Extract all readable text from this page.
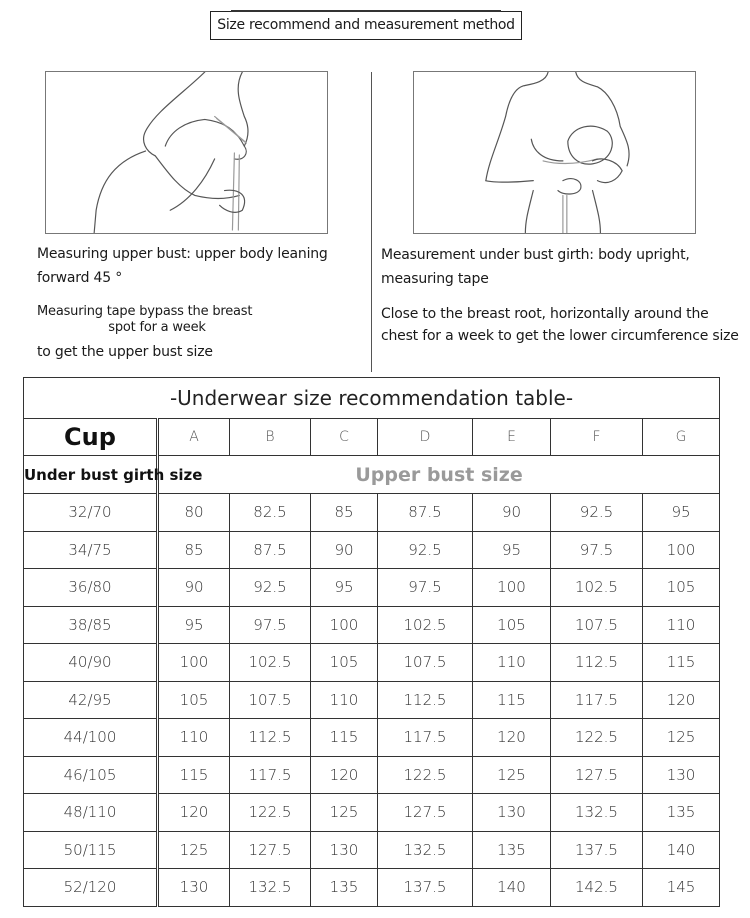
Size recommend and measurement method
Measuring upper bust: upper body leaning forward 45 °
Measuring tape bypass the breast
spot for a week
to get the upper bust size
Measurement under bust girth: body upright, measuring tape
Close to the breast root, horizontally around the chest for a week to get the lower circumference size
-Underwear size recommendation table-							
Cup	A	B	C	D	E	F	G
Under bust girth size	Upper bust size						
32/70	80	82.5	85	87.5	90	92.5	95
34/75	85	87.5	90	92.5	95	97.5	100
36/80	90	92.5	95	97.5	100	102.5	105
38/85	95	97.5	100	102.5	105	107.5	110
40/90	100	102.5	105	107.5	110	112.5	115
42/95	105	107.5	110	112.5	115	117.5	120
44/100	110	112.5	115	117.5	120	122.5	125
46/105	115	117.5	120	122.5	125	127.5	130
48/110	120	122.5	125	127.5	130	132.5	135
50/115	125	127.5	130	132.5	135	137.5	140
52/120	130	132.5	135	137.5	140	142.5	145
